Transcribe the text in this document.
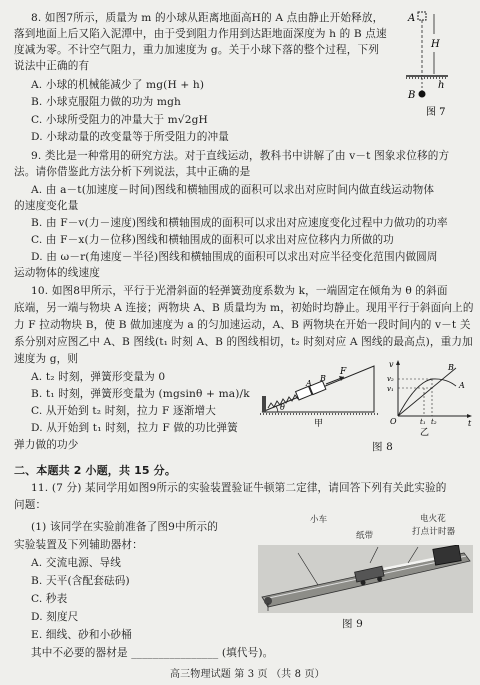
8. 如图7所示，质量为 m 的小球从距离地面高H的 A 点由静止开始释放，
落到地面上后又陷入泥潭中，由于受到阻力作用到达距地面深度为 h 的 B 点速
度减为零。不计空气阻力，重力加速度为 g。关于小球下落的整个过程，下列
说法中正确的有
A. 小球的机械能减少了 mg(H + h)
B. 小球克服阻力做的功为 mgh
C. 小球所受阻力的冲量大于 m√2gH
D. 小球动量的改变量等于所受阻力的冲量
A
H
h
B
图 7
9. 类比是一种常用的研究方法。对于直线运动，教科书中讲解了由 v－t 图象求位移的方
法。请你借鉴此方法分析下列说法，其中正确的是
A. 由 a－t(加速度－时间)图线和横轴围成的面积可以求出对应时间内做直线运动物体
的速度变化量
B. 由 F－v(力－速度)图线和横轴围成的面积可以求出对应速度变化过程中力做功的功率
C. 由 F－x(力－位移)图线和横轴围成的面积可以求出对应位移内力所做的功
D. 由 ω－r(角速度－半径)图线和横轴围成的面积可以求出对应半径变化范围内做圆周
运动物体的线速度
10. 如图8甲所示，平行于光滑斜面的轻弹簧劲度系数为 k，一端固定在倾角为 θ 的斜面
底端，另一端与物块 A 连接；两物块 A、B 质量均为 m，初始时均静止。现用平行于斜面向上的
力 F 拉动物块 B，使 B 做加速度为 a 的匀加速运动，A、B 两物块在开始一段时间内的 v－t 关
系分别对应图乙中 A、B 图线(t₁ 时刻 A、B 的图线相切，t₂ 时刻对应 A 图线的最高点)，重力加
速度为 g，则
A. t₂ 时刻，弹簧形变量为 0
B. t₁ 时刻，弹簧形变量为 (mgsinθ + ma)/k
C. 从开始到 t₂ 时刻，拉力 F 逐渐增大
D. 从开始到 t₁ 时刻，拉力 F 做的功比弹簧
弹力做的功少
F
A
B
θ
甲
v
O	t
B
A
v₁
v₂
t₁ t₂
乙
图 8
二、本题共 2 小题，共 15 分。
11. (7 分) 某同学用如图9所示的实验装置验证牛顿第二定律，请回答下列有关此实验的
问题：
(1) 该同学在实验前准备了图9中所示的
实验装置及下列辅助器材：
A. 交流电源、导线
B. 天平(含配套砝码)
C. 秒表
D. 刻度尺
E. 细线、砂和小砂桶
其中不必要的器材是 ________________ (填代号)。
小车
纸带
电火花
打点计时器
图 9
高三物理试题 第 3 页 （共 8 页）
